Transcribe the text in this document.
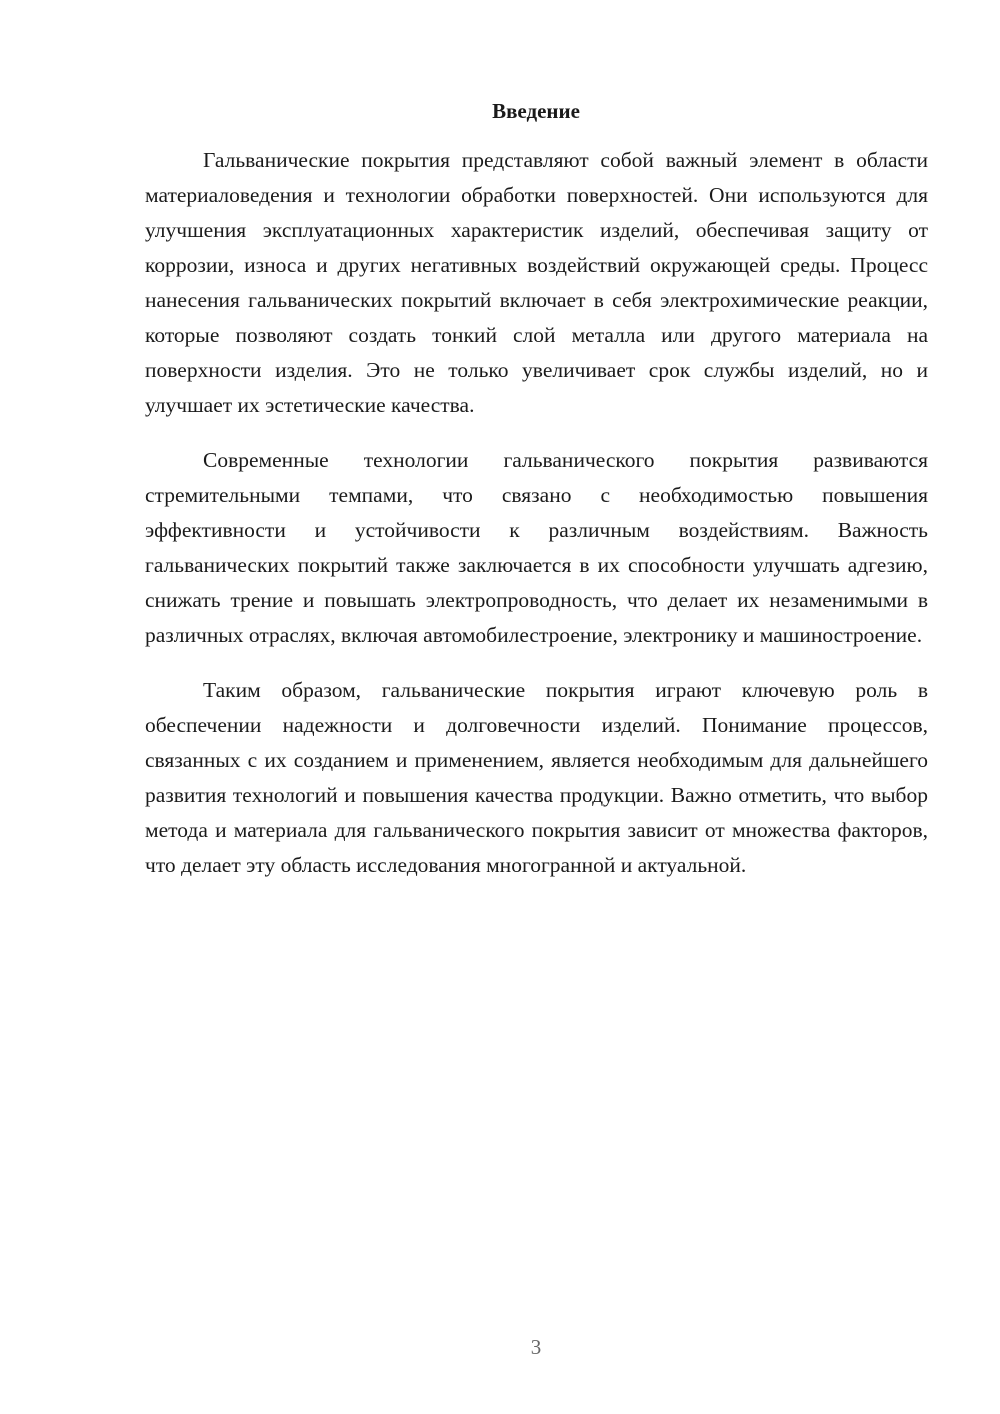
Введение

Гальванические покрытия представляют собой важный элемент в области материаловедения и технологии обработки поверхностей. Они используются для улучшения эксплуатационных характеристик изделий, обеспечивая защиту от коррозии, износа и других негативных воздействий окружающей среды. Процесс нанесения гальванических покрытий включает в себя электрохимические реакции, которые позволяют создать тонкий слой металла или другого материала на поверхности изделия. Это не только увеличивает срок службы изделий, но и улучшает их эстетические качества.

Современные технологии гальванического покрытия развиваются стремительными темпами, что связано с необходимостью повышения эффективности и устойчивости к различным воздействиям. Важность гальванических покрытий также заключается в их способности улучшать адгезию, снижать трение и повышать электропроводность, что делает их незаменимыми в различных отраслях, включая автомобилестроение, электронику и машиностроение.

Таким образом, гальванические покрытия играют ключевую роль в обеспечении надежности и долговечности изделий. Понимание процессов, связанных с их созданием и применением, является необходимым для дальнейшего развития технологий и повышения качества продукции. Важно отметить, что выбор метода и материала для гальванического покрытия зависит от множества факторов, что делает эту область исследования многогранной и актуальной.

3
